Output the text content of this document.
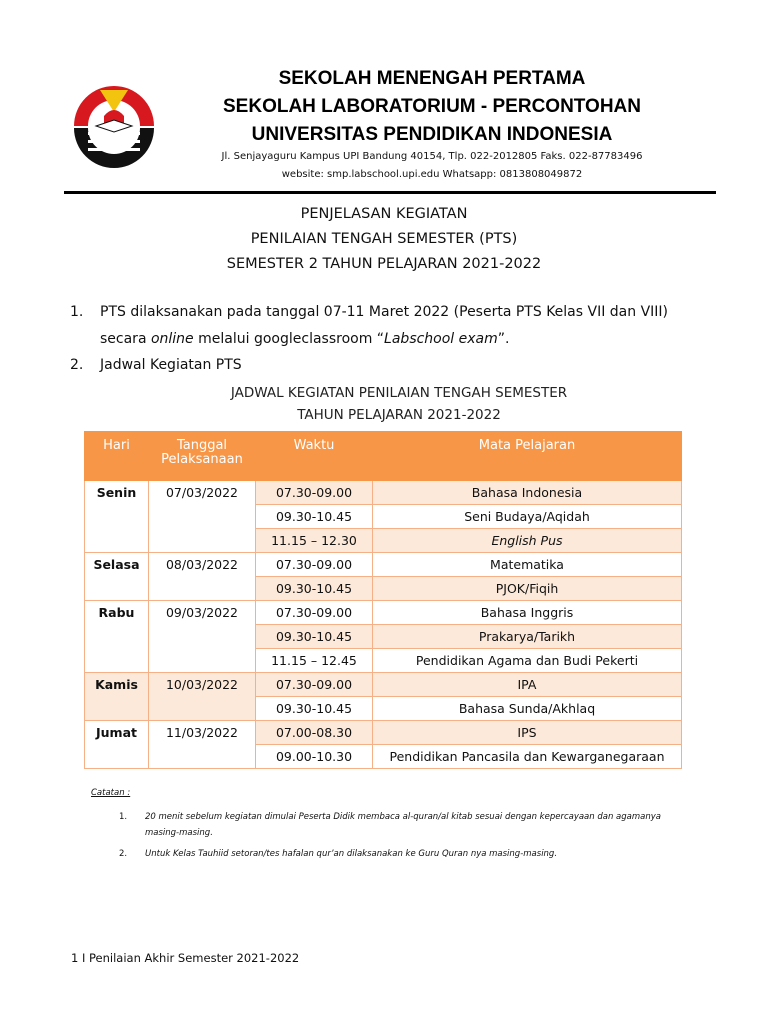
SEKOLAH MENENGAH PERTAMA
SEKOLAH LABORATORIUM - PERCONTOHAN
UNIVERSITAS PENDIDIKAN INDONESIA
Jl. Senjayaguru Kampus UPI Bandung 40154, Tlp. 022-2012805 Faks. 022-87783496
website: smp.labschool.upi.edu Whatsapp: 0813808049872
PENJELASAN KEGIATAN
PENILAIAN TENGAH SEMESTER (PTS)
SEMESTER 2 TAHUN PELAJARAN 2021-2022
1. PTS dilaksanakan pada tanggal 07-11 Maret 2022 (Peserta PTS Kelas VII dan VIII)
secara online melalui googleclassroom “Labschool exam”.
2. Jadwal Kegiatan PTS
JADWAL KEGIATAN PENILAIAN TENGAH SEMESTER
TAHUN PELAJARAN 2021-2022
Hari	Tanggal Pelaksanaan	Waktu	Mata Pelajaran
Senin	07/03/2022	07.30-09.00	Bahasa Indonesia
		09.30-10.45	Seni Budaya/Aqidah
		11.15 – 12.30	English Pus
Selasa	08/03/2022	07.30-09.00	Matematika
		09.30-10.45	PJOK/Fiqih
Rabu	09/03/2022	07.30-09.00	Bahasa Inggris
		09.30-10.45	Prakarya/Tarikh
		11.15 – 12.45	Pendidikan Agama dan Budi Pekerti
Kamis	10/03/2022	07.30-09.00	IPA
		09.30-10.45	Bahasa Sunda/Akhlaq
Jumat	11/03/2022	07.00-08.30	IPS
		09.00-10.30	Pendidikan Pancasila dan Kewarganegaraan
Catatan :
1. 20 menit sebelum kegiatan dimulai Peserta Didik membaca al-quran/al kitab sesuai dengan kepercayaan dan agamanya
masing-masing.
2. Untuk Kelas Tauhiid setoran/tes hafalan qur’an dilaksanakan ke Guru Quran nya masing-masing.
1 I Penilaian Akhir Semester 2021-2022
